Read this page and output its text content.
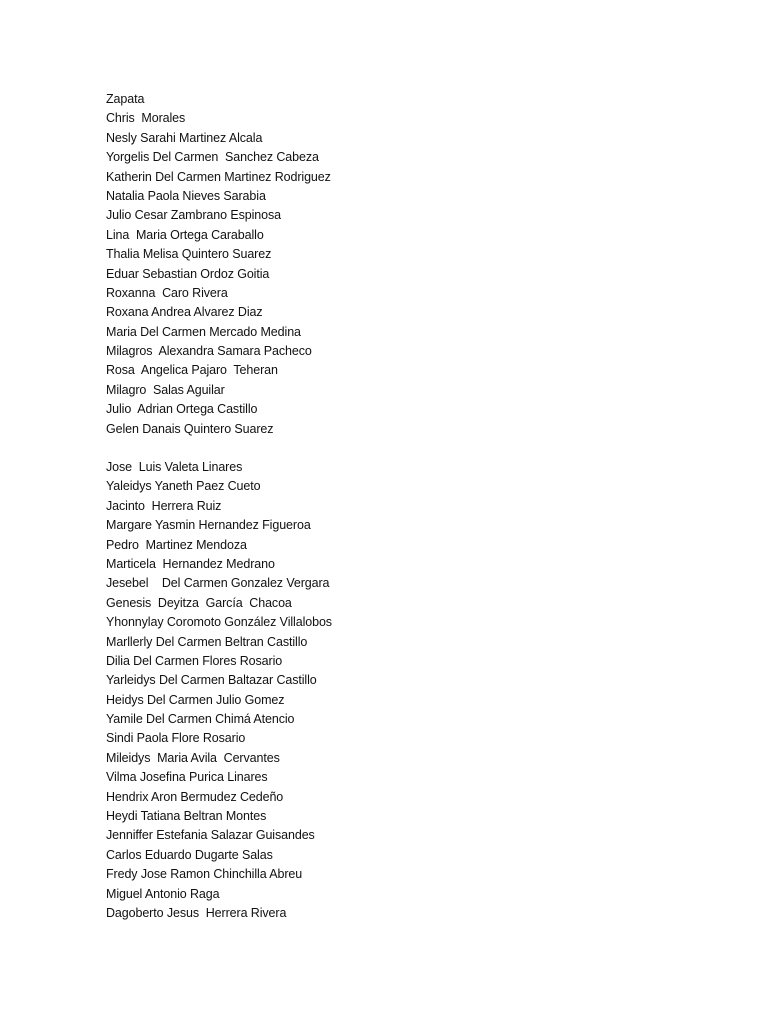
Zapata
Chris  Morales
Nesly Sarahi Martinez Alcala
Yorgelis Del Carmen  Sanchez Cabeza
Katherin Del Carmen Martinez Rodriguez
Natalia Paola Nieves Sarabia
Julio Cesar Zambrano Espinosa
Lina  Maria Ortega Caraballo
Thalia Melisa Quintero Suarez
Eduar Sebastian Ordoz Goitia
Roxanna  Caro Rivera
Roxana Andrea Alvarez Diaz
Maria Del Carmen Mercado Medina
Milagros  Alexandra Samara Pacheco
Rosa  Angelica Pajaro  Teheran
Milagro  Salas Aguilar
Julio  Adrian Ortega Castillo
Gelen Danais Quintero Suarez
Jose  Luis Valeta Linares
Yaleidys Yaneth Paez Cueto
Jacinto  Herrera Ruiz
Margare Yasmin Hernandez Figueroa
Pedro  Martinez Mendoza
Marticela  Hernandez Medrano
Jesebel    Del Carmen Gonzalez Vergara
Genesis  Deyitza  García  Chacoa
Yhonnylay Coromoto González Villalobos
Marllerly Del Carmen Beltran Castillo
Dilia Del Carmen Flores Rosario
Yarleidys Del Carmen Baltazar Castillo
Heidys Del Carmen Julio Gomez
Yamile Del Carmen Chimá Atencio
Sindi Paola Flore Rosario
Mileidys  Maria Avila  Cervantes
Vilma Josefina Purica Linares
Hendrix Aron Bermudez Cedeño
Heydi Tatiana Beltran Montes
Jenniffer Estefania Salazar Guisandes
Carlos Eduardo Dugarte Salas
Fredy Jose Ramon Chinchilla Abreu
Miguel Antonio Raga
Dagoberto Jesus  Herrera Rivera
